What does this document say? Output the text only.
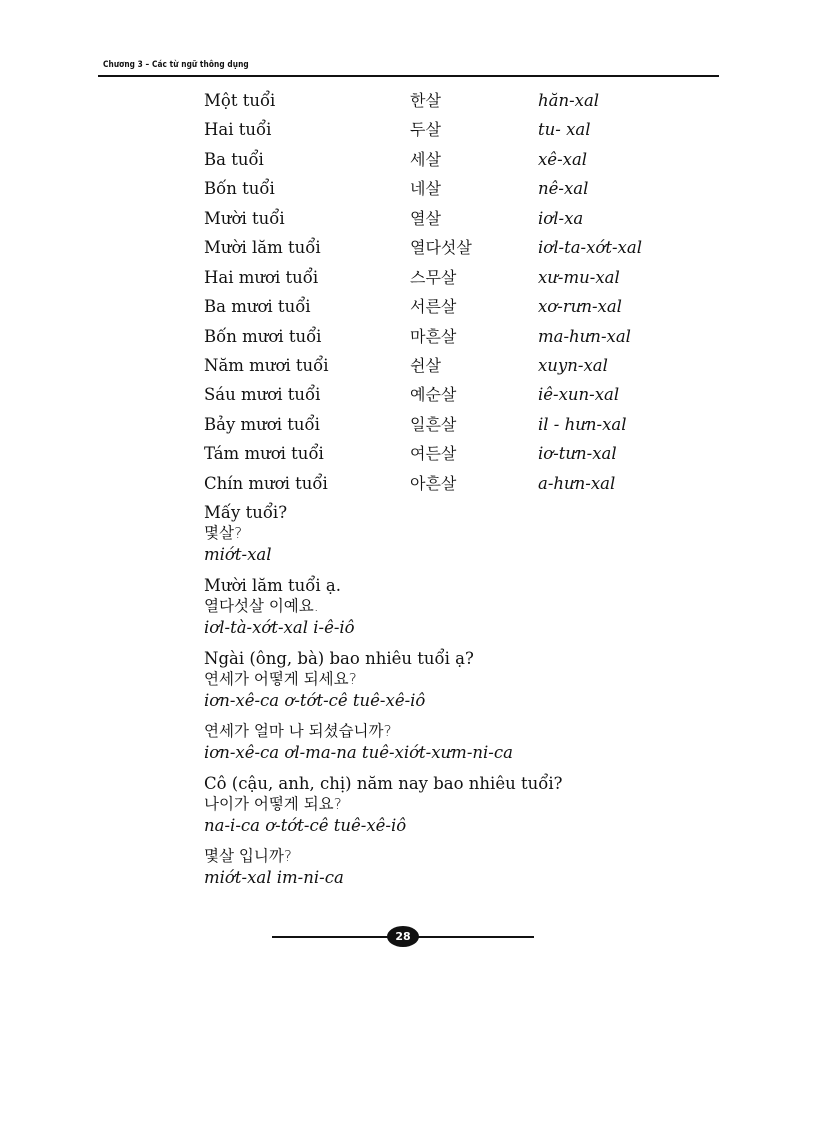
Chương 3 – Các từ ngữ thông dụng
Một tuổi	한살	hăn-xal
Hai tuổi	두살	tu- xal
Ba tuổi	세살	xê-xal
Bốn tuổi	네살	nê-xal
Mười tuổi	열살	iơl-xa
Mười lăm tuổi	열다섯살	iơl-ta-xớt-xal
Hai mươi tuổi	스무살	xư-mu-xal
Ba mươi tuổi	서른살	xơ-rưn-xal
Bốn mươi tuổi	마흔살	ma-hưn-xal
Năm mươi tuổi	쉰살	xuyn-xal
Sáu mươi tuổi	예순살	iê-xun-xal
Bảy mươi tuổi	일흔살	il - hưn-xal
Tám mươi tuổi	여든살	iơ-tưn-xal
Chín mươi tuổi	아흔살	a-hưn-xal
Mấy tuổi?
몇살?
miớt-xal
Mười lăm tuổi ạ.
열다섯살 이예요.
iơl-tà-xớt-xal i-ê-iô
Ngài (ông, bà) bao nhiêu tuổi ạ?
연세가 어떻게 되세요?
iơn-xê-ca ơ-tớt-cê tuê-xê-iô
연세가 얼마 나 되셨습니까?
iơn-xê-ca ơl-ma-na tuê-xiớt-xưm-ni-ca
Cô (cậu, anh, chị) năm nay bao nhiêu tuổi?
나이가 어떻게 되요?
na-i-ca ơ-tớt-cê tuê-xê-iô
몇살 입니까?
miớt-xal im-ni-ca
28
